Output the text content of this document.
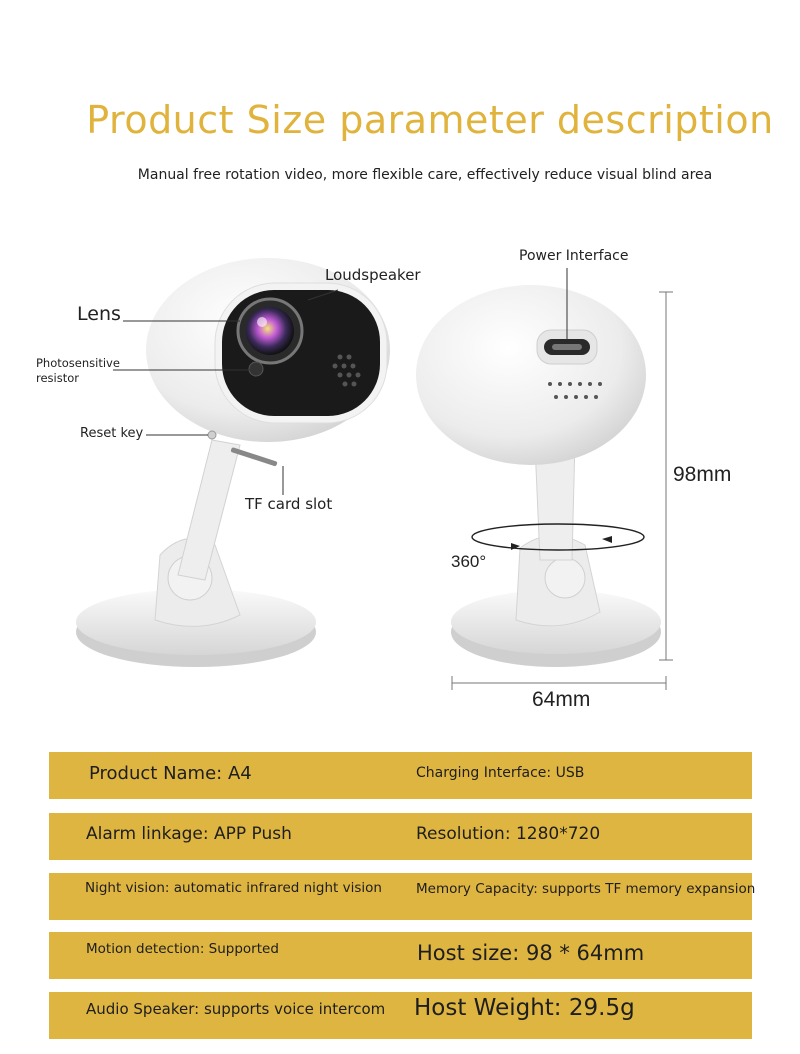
Product Size parameter description
Manual free rotation video, more flexible care, effectively reduce visual blind area
Lens
Loudspeaker
Photosensitive resistor
Reset key
TF card slot
Power Interface
98mm
64mm
360°
Product Name: A4	Charging Interface: USB
Alarm linkage: APP Push	Resolution: 1280*720
Night vision: automatic infrared night vision	Memory Capacity: supports TF memory expansion
Motion detection: Supported	Host size: 98 * 64mm
Audio Speaker: supports voice intercom Host Weight: 29.5g
